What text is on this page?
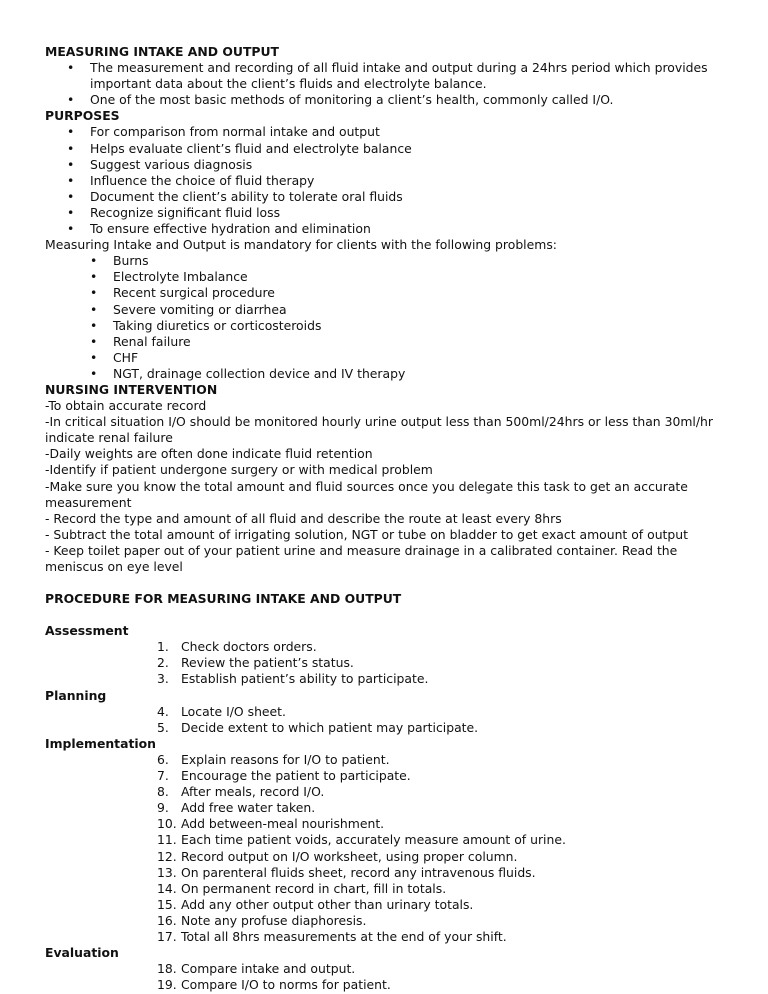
MEASURING INTAKE AND OUTPUT
• The measurement and recording of all fluid intake and output during a 24hrs period which provides important data about the client’s fluids and electrolyte balance.
• One of the most basic methods of monitoring a client’s health, commonly called I/O.
PURPOSES
• For comparison from normal intake and output
• Helps evaluate client’s fluid and electrolyte balance
• Suggest various diagnosis
• Influence the choice of fluid therapy
• Document the client’s ability to tolerate oral fluids
• Recognize significant fluid loss
• To ensure effective hydration and elimination
Measuring Intake and Output is mandatory for clients with the following problems:
• Burns
• Electrolyte Imbalance
• Recent surgical procedure
• Severe vomiting or diarrhea
• Taking diuretics or corticosteroids
• Renal failure
• CHF
• NGT, drainage collection device and IV therapy
NURSING INTERVENTION
-To obtain accurate record
-In critical situation I/O should be monitored hourly urine output less than 500ml/24hrs or less than 30ml/hr indicate renal failure
-Daily weights are often done indicate fluid retention
-Identify if patient undergone surgery or with medical problem
-Make sure you know the total amount and fluid sources once you delegate this task to get an accurate measurement
- Record the type and amount of all fluid and describe the route at least every 8hrs
- Subtract the total amount of irrigating solution, NGT or tube on bladder to get exact amount of output
- Keep toilet paper out of your patient urine and measure drainage in a calibrated container. Read the meniscus on eye level
PROCEDURE FOR MEASURING INTAKE AND OUTPUT
Assessment
1. Check doctors orders.
2. Review the patient’s status.
3. Establish patient’s ability to participate.
Planning
4. Locate I/O sheet.
5. Decide extent to which patient may participate.
Implementation
6. Explain reasons for I/O to patient.
7. Encourage the patient to participate.
8. After meals, record I/O.
9. Add free water taken.
10. Add between-meal nourishment.
11. Each time patient voids, accurately measure amount of urine.
12. Record output on I/O worksheet, using proper column.
13. On parenteral fluids sheet, record any intravenous fluids.
14. On permanent record in chart, fill in totals.
15. Add any other output other than urinary totals.
16. Note any profuse diaphoresis.
17. Total all 8hrs measurements at the end of your shift.
Evaluation
18. Compare intake and output.
19. Compare I/O to norms for patient.
